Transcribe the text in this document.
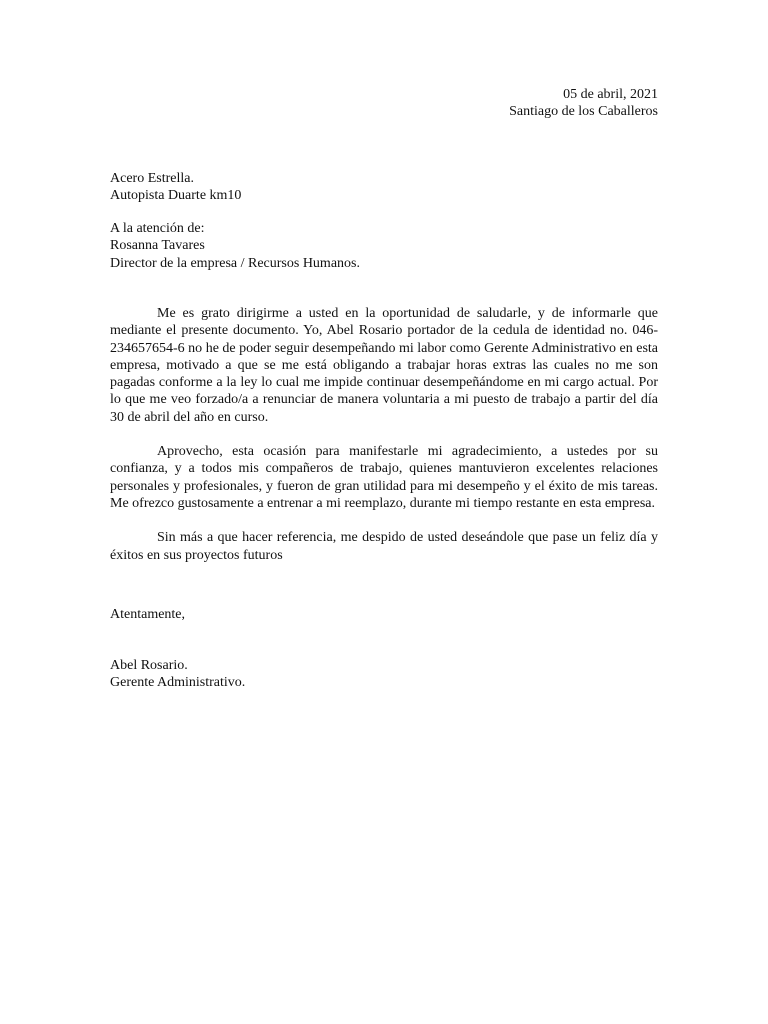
05 de abril, 2021
Santiago de los Caballeros
Acero Estrella.
Autopista Duarte km10
A la atención de:
Rosanna Tavares
Director de la empresa / Recursos Humanos.

Me es grato dirigirme a usted en la oportunidad de saludarle, y de informarle que mediante el presente documento. Yo, Abel Rosario portador de la cedula de identidad no. 046-234657654-6 no he de poder seguir desempeñando mi labor como Gerente Administrativo en esta empresa, motivado a que se me está obligando a trabajar horas extras las cuales no me son pagadas conforme a la ley lo cual me impide continuar desempeñándome en mi cargo actual. Por lo que me veo forzado/a a renunciar de manera voluntaria a mi puesto de trabajo a partir del día 30 de abril del año en curso.

Aprovecho, esta ocasión para manifestarle mi agradecimiento, a ustedes por su confianza, y a todos mis compañeros de trabajo, quienes mantuvieron excelentes relaciones personales y profesionales, y fueron de gran utilidad para mi desempeño y el éxito de mis tareas. Me ofrezco gustosamente a entrenar a mi reemplazo, durante mi tiempo restante en esta empresa.

Sin más a que hacer referencia, me despido de usted deseándole que pase un feliz día y éxitos en sus proyectos futuros

Atentamente,
Abel Rosario.
Gerente Administrativo.
